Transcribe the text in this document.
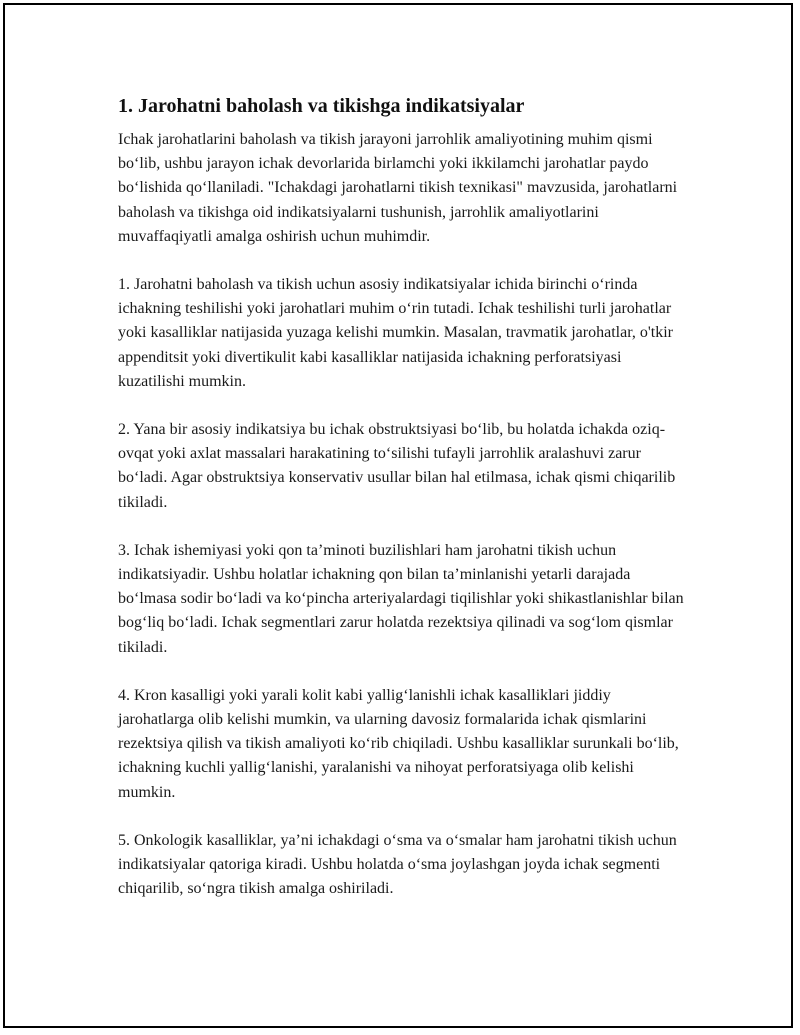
1. Jarohatni baholash va tikishga indikatsiyalar

Ichak jarohatlarini baholash va tikish jarayoni jarrohlik amaliyotining muhim qismi boʻlib, ushbu jarayon ichak devorlarida birlamchi yoki ikkilamchi jarohatlar paydo boʻlishida qoʻllaniladi. "Ichakdagi jarohatlarni tikish texnikasi" mavzusida, jarohatlarni baholash va tikishga oid indikatsiyalarni tushunish, jarrohlik amaliyotlarini muvaffaqiyatli amalga oshirish uchun muhimdir.

1. Jarohatni baholash va tikish uchun asosiy indikatsiyalar ichida birinchi oʻrinda ichakning teshilishi yoki jarohatlari muhim oʻrin tutadi. Ichak teshilishi turli jarohatlar yoki kasalliklar natijasida yuzaga kelishi mumkin. Masalan, travmatik jarohatlar, o'tkir appenditsit yoki divertikulit kabi kasalliklar natijasida ichakning perforatsiyasi kuzatilishi mumkin.

2. Yana bir asosiy indikatsiya bu ichak obstruktsiyasi boʻlib, bu holatda ichakda oziq-ovqat yoki axlat massalari harakatining toʻsilishi tufayli jarrohlik aralashuvi zarur boʻladi. Agar obstruktsiya konservativ usullar bilan hal etilmasa, ichak qismi chiqarilib tikiladi.

3. Ichak ishemiyasi yoki qon taʼminoti buzilishlari ham jarohatni tikish uchun indikatsiyadir. Ushbu holatlar ichakning qon bilan taʼminlanishi yetarli darajada boʻlmasa sodir boʻladi va koʻpincha arteriyalardagi tiqilishlar yoki shikastlanishlar bilan bogʻliq boʻladi. Ichak segmentlari zarur holatda rezektsiya qilinadi va sogʻlom qismlar tikiladi.

4. Kron kasalligi yoki yarali kolit kabi yalligʻlanishli ichak kasalliklari jiddiy jarohatlarga olib kelishi mumkin, va ularning davosiz formalarida ichak qismlarini rezektsiya qilish va tikish amaliyoti koʻrib chiqiladi. Ushbu kasalliklar surunkali boʻlib, ichakning kuchli yalligʻlanishi, yaralanishi va nihoyat perforatsiyaga olib kelishi mumkin.

5. Onkologik kasalliklar, yaʼni ichakdagi oʻsma va oʻsmalar ham jarohatni tikish uchun indikatsiyalar qatoriga kiradi. Ushbu holatda oʻsma joylashgan joyda ichak segmenti chiqarilib, soʻngra tikish amalga oshiriladi.
